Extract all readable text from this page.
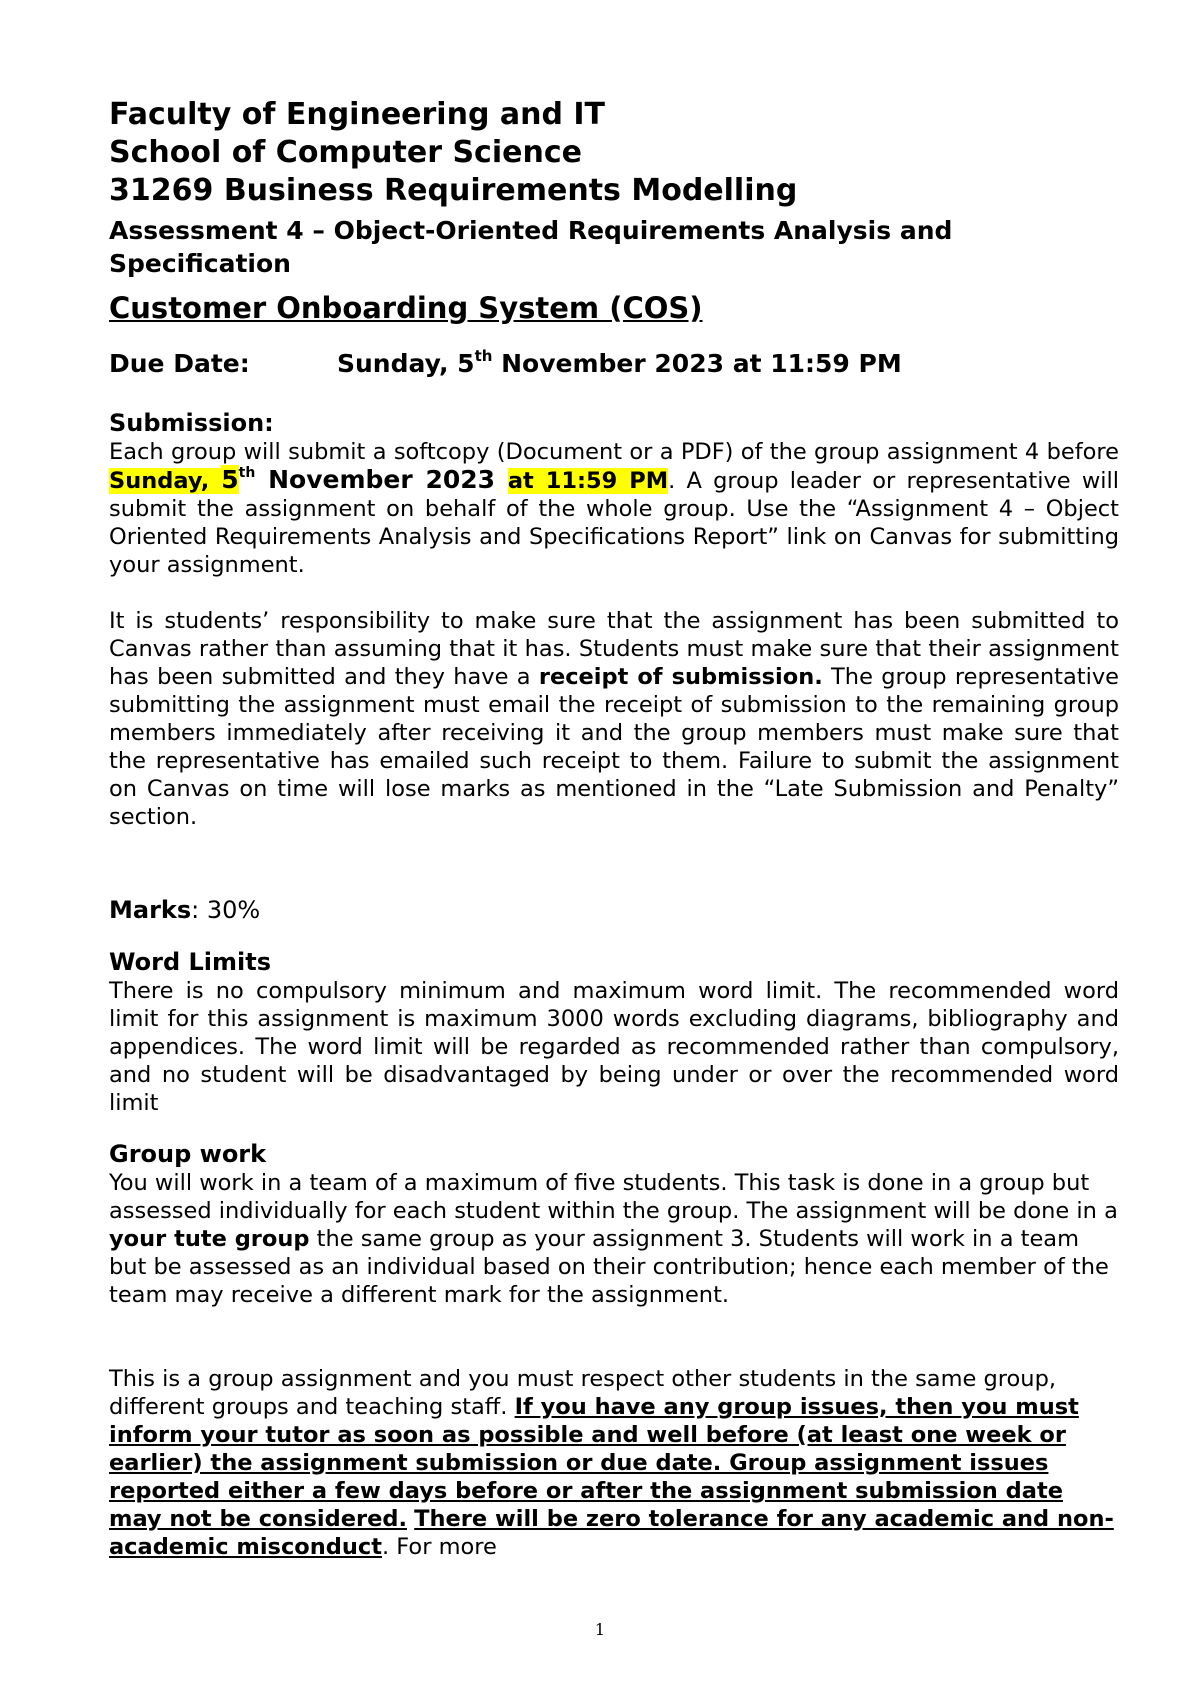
Faculty of Engineering and IT

School of Computer Science

31269 Business Requirements Modelling

Assessment 4 – Object-Oriented Requirements Analysis and Specification

Customer Onboarding System (COS)

Due Date:	Sunday, 5th November 2023 at 11:59 PM

Submission:

Each group will submit a softcopy (Document or a PDF) of the group assignment 4 before Sunday, 5th November 2023 at 11:59 PM. A group leader or representative will submit the assignment on behalf of the whole group. Use the “Assignment 4 – Object Oriented Requirements Analysis and Specifications Report” link on Canvas for submitting your assignment.

It is students’ responsibility to make sure that the assignment has been submitted to Canvas rather than assuming that it has. Students must make sure that their assignment has been submitted and they have a receipt of submission. The group representative submitting the assignment must email the receipt of submission to the remaining group members immediately after receiving it and the group members must make sure that the representative has emailed such receipt to them. Failure to submit the assignment on Canvas on time will lose marks as mentioned in the “Late Submission and Penalty” section.

Marks: 30%

Word Limits

There is no compulsory minimum and maximum word limit. The recommended word limit for this assignment is maximum 3000 words excluding diagrams, bibliography and appendices. The word limit will be regarded as recommended rather than compulsory, and no student will be disadvantaged by being under or over the recommended word limit

Group work

You will work in a team of a maximum of five students. This task is done in a group but assessed individually for each student within the group. The assignment will be done in a your tute group the same group as your assignment 3. Students will work in a team but be assessed as an individual based on their contribution; hence each member of the team may receive a different mark for the assignment.

This is a group assignment and you must respect other students in the same group, different groups and teaching staff. If you have any group issues, then you must inform your tutor as soon as possible and well before (at least one week or earlier) the assignment submission or due date. Group assignment issues reported either a few days before or after the assignment submission date may not be considered. There will be zero tolerance for any academic and non-academic misconduct. For more

1
